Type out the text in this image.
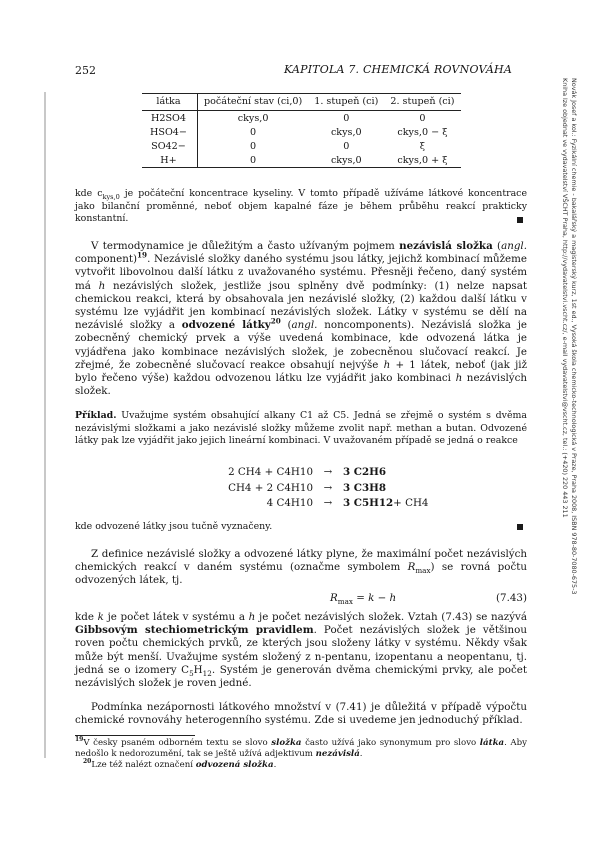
252	KAPITOLA 7. CHEMICKÁ ROVNOVÁHA
Novák Josef a kol.: Fyzikální chemie - bakalářský a magisterský kurz, 1st ed., Vysoká škola chemicko-technologická v Praze, Praha 2008, ISBN 978-80-7080-675-3
Kniha lze objednat ve vydavatelství VŠCHT Praha, http://vydavatelstvi.vscht.cz/, e-mail vydavatelstvi@vscht.cz, tel.: (+420) 220 443 211
látka	počáteční stav (ci,0)	1. stupeň (ci)	2. stupeň (ci)
H2SO4	ckys,0	0	0
HSO4−	0	ckys,0	ckys,0 − ξ
SO42−	0	0	ξ
H+	0	ckys,0	ckys,0 + ξ

kde $c_{kys,0}$ je počáteční koncentrace kyseliny. V tomto případě užíváme látkové koncentrace jako bilanční proměnné, neboť objem kapalné fáze je během průběhu reakcí prakticky konstantní.

V termodynamice je důležitým a často užívaným pojmem nezávislá složka (angl. component)$^{19}$. Nezávislé složky daného systému jsou látky, jejichž kombinací můžeme vytvořit libovolnou další látku z uvažovaného systému. Přesněji řečeno, daný systém má h nezávislých složek, jestliže jsou splněny dvě podmínky: (1) nelze napsat chemickou reakci, která by obsahovala jen nezávislé složky, (2) každou další látku v systému lze vyjádřit jen kombinací nezávislých složek. Látky v systému se dělí na nezávislé složky a odvozené látky$^{20}$ (angl. noncomponents). Nezávislá složka je zobecněný chemický prvek a výše uvedená kombinace, kde odvozená látka je vyjádřena jako kombinace nezávislých složek, je zobecněnou slučovací reakcí. Je zřejmé, že zobecněné slučovací reakce obsahují nejvýše h + 1 látek, neboť (jak již bylo řečeno výše) každou odvozenou látku lze vyjádřit jako kombinaci h nezávislých složek.

Příklad. Uvažujme systém obsahující alkany C1 až C5. Jedná se zřejmě o systém s dvěma nezávislými složkami a jako nezávislé složky můžeme zvolit např. methan a butan. Odvozené látky pak lze vyjádřit jako jejich lineární kombinaci. V uvažovaném případě se jedná o reakce

2 CH4 + C4H10	→	3 C2H6
CH4 + 2 C4H10	→	3 C3H8
4 C4H10	→	3 C5H12 + CH4

kde odvozené látky jsou tučně vyznačeny.

Z definice nezávislé složky a odvozené látky plyne, že maximální počet nezávislých chemických reakcí v daném systému (označme symbolem $R_{max}$) se rovná počtu odvozených látek, tj.

$R_{max} = k - h$	(7.43)

kde k je počet látek v systému a h je počet nezávislých složek. Vztah (7.43) se nazývá Gibbsovým stechiometrickým pravidlem. Počet nezávislých složek je většinou roven počtu chemických prvků, ze kterých jsou složeny látky v systému. Někdy však může být menší. Uvažujme systém složený z n-pentanu, izopentanu a neopentanu, tj. jedná se o izomery $C_5H_{12}$. Systém je generován dvěma chemickými prvky, ale počet nezávislých složek je roven jedné.

Podmínka nezápornosti látkového množství v (7.41) je důležitá v případě výpočtu chemické rovnováhy heterogenního systému. Zde si uvedeme jen jednoduchý příklad.

$^{19}$V česky psaném odborném textu se slovo složka často užívá jako synonymum pro slovo látka. Aby nedošlo k nedorozumění, tak se ještě užívá adjektivum nezávislá.

$^{20}$Lze též nalézt označení odvozená složka.
